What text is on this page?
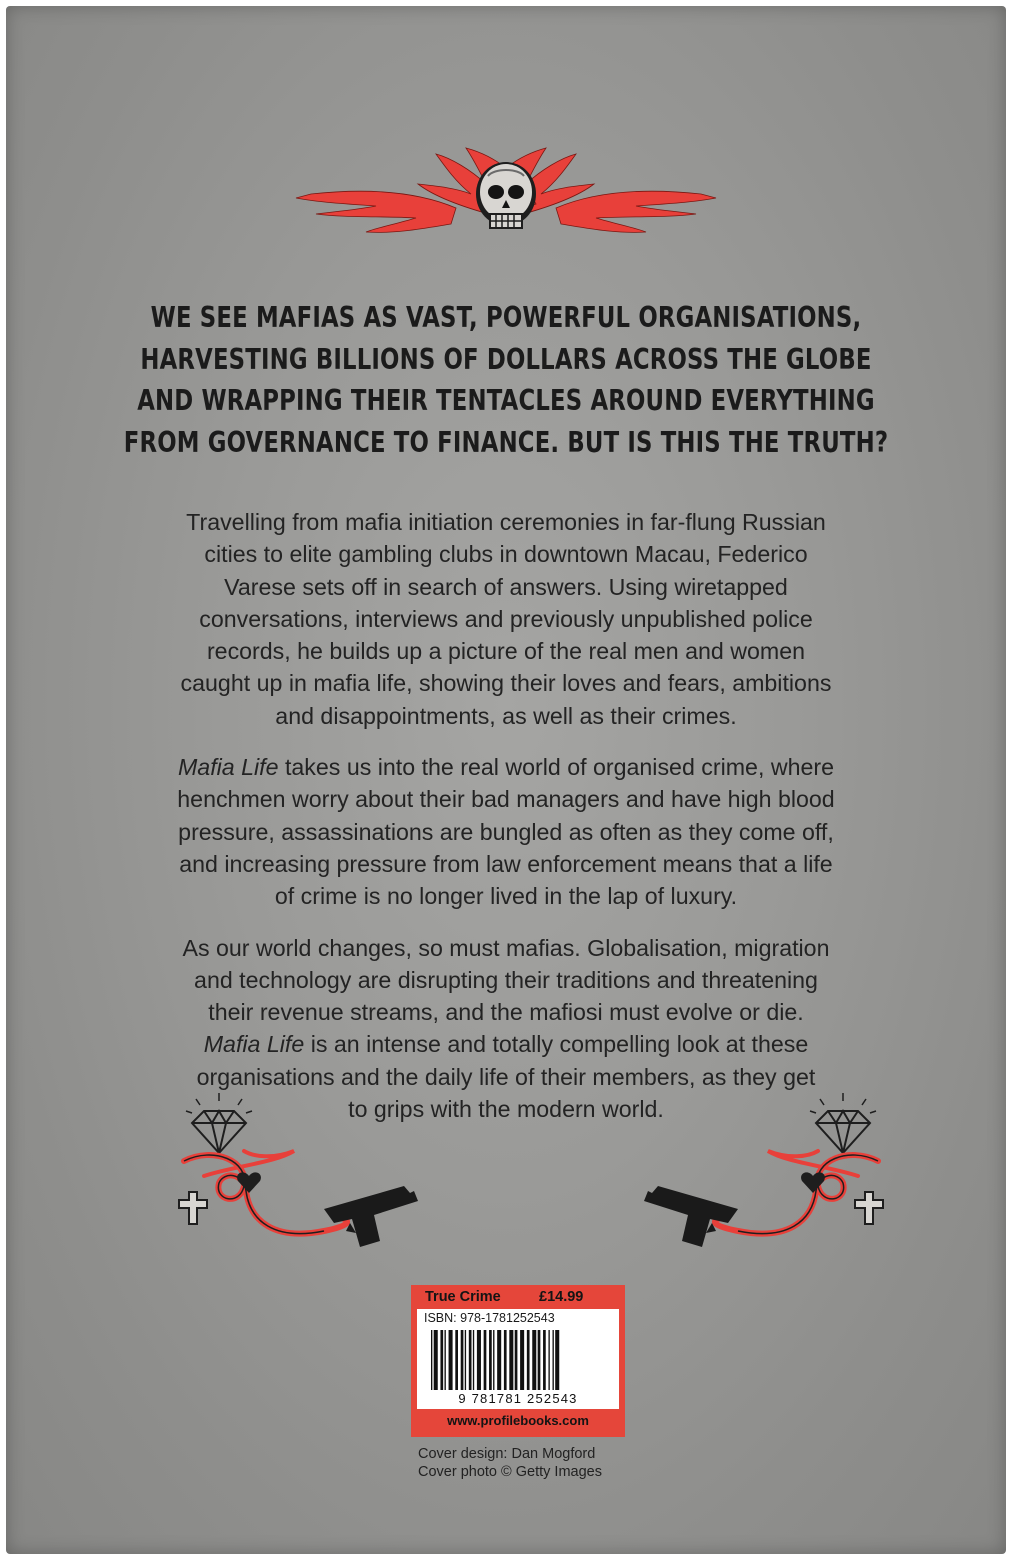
WE SEE MAFIAS AS VAST, POWERFUL ORGANISATIONS,
HARVESTING BILLIONS OF DOLLARS ACROSS THE GLOBE
AND WRAPPING THEIR TENTACLES AROUND EVERYTHING
FROM GOVERNANCE TO FINANCE. BUT IS THIS THE TRUTH?

Travelling from mafia initiation ceremonies in far-flung Russian
cities to elite gambling clubs in downtown Macau, Federico
Varese sets off in search of answers. Using wiretapped
conversations, interviews and previously unpublished police
records, he builds up a picture of the real men and women
caught up in mafia life, showing their loves and fears, ambitions
and disappointments, as well as their crimes.

Mafia Life takes us into the real world of organised crime, where
henchmen worry about their bad managers and have high blood
pressure, assassinations are bungled as often as they come off,
and increasing pressure from law enforcement means that a life
of crime is no longer lived in the lap of luxury.

As our world changes, so must mafias. Globalisation, migration
and technology are disrupting their traditions and threatening
their revenue streams, and the mafiosi must evolve or die.
Mafia Life is an intense and totally compelling look at these
organisations and the daily life of their members, as they get
to grips with the modern world.

True Crime	£14.99
ISBN: 978-1781252543
9 781781 252543
www.profilebooks.com
Cover design: Dan Mogford
Cover photo © Getty Images
